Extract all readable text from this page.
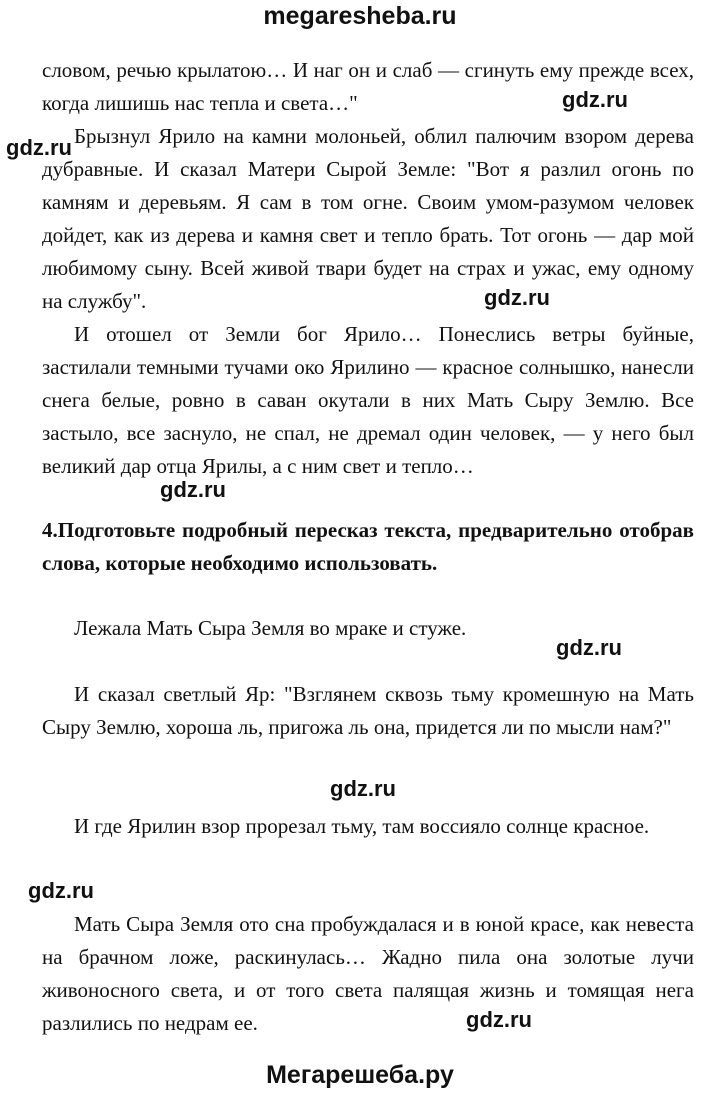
megaresheba.ru
словом, речью крылатою… И наг он и слаб — сгинуть ему прежде всех, когда лишишь нас тепла и света…"
Брызнул Ярило на камни молоньей, облил палючим взором дерева дубравные. И сказал Матери Сырой Земле: "Вот я разлил огонь по камням и деревьям. Я сам в том огне. Своим умом-разумом человек дойдет, как из дерева и камня свет и тепло брать. Тот огонь — дар мой любимому сыну. Всей живой твари будет на страх и ужас, ему одному на службу".
И отошел от Земли бог Ярило… Понеслись ветры буйные, застилали темными тучами око Ярилино — красное солнышко, нанесли снега белые, ровно в саван окутали в них Мать Сыру Землю. Все застыло, все заснуло, не спал, не дремал один человек, — у него был великий дар отца Ярилы, а с ним свет и тепло…
4.Подготовьте подробный пересказ текста, предварительно отобрав слова, которые необходимо использовать.
Лежала Мать Сыра Земля во мраке и стуже.
И сказал светлый Яр: "Взглянем сквозь тьму кромешную на Мать Сыру Землю, хороша ль, пригожа ль она, придется ли по мысли нам?"
И где Ярилин взор прорезал тьму, там воссияло солнце красное.
Мать Сыра Земля ото сна пробуждалася и в юной красе, как невеста на брачном ложе, раскинулась… Жадно пила она золотые лучи живоносного света, и от того света палящая жизнь и томящая нега разлились по недрам ее.
gdz.ru
gdz.ru
gdz.ru
gdz.ru
gdz.ru
gdz.ru
gdz.ru
gdz.ru
Мегарешеба.ру
